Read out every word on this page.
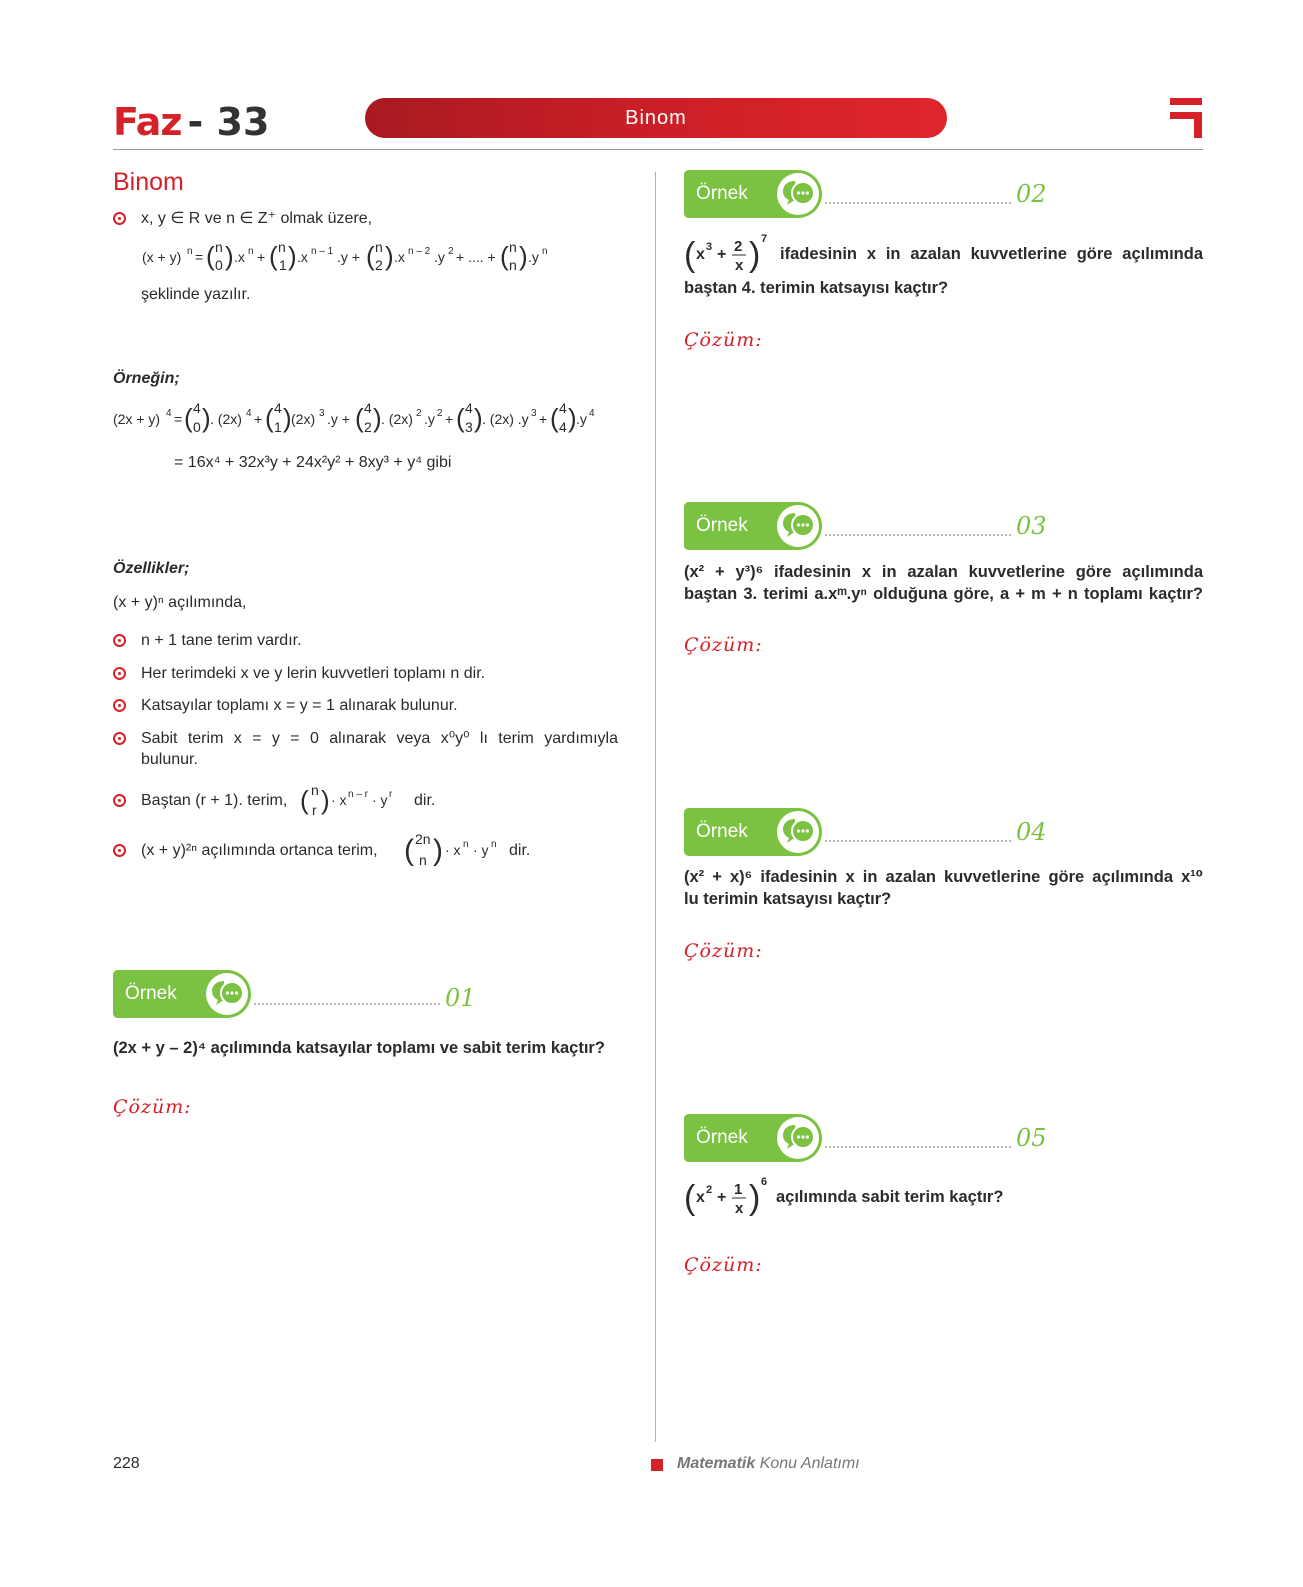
Faz - 33	Binom
Binom
x, y ∈ R ve n ∈ Z⁺ olmak üzere,
(x + y) n = ( n
0 ) .x n + ( n
1 ) .x n – 1 .y + ( n
2 ) .x n – 2 .y 2 + .... + ( n
n ) .y n
şeklinde yazılır.
Örneğin;
(2x + y) 4 = ( 4
0 ) . (2x) 4 + ( 4
1 ) (2x) 3 .y + ( 4
2 ) . (2x) 2 .y 2 + ( 4
3 ) . (2x) .y 3 + ( 4
4 ) .y 4
= 16x⁴ + 32x³y + 24x²y² + 8xy³ + y⁴ gibi
Özellikler;
(x + y)ⁿ açılımında,
n + 1 tane terim vardır.
Her terimdeki x ve y lerin kuvvetleri toplamı n dir.
Katsayılar toplamı x = y = 1 alınarak bulunur.
Sabit terim x = y = 0 alınarak veya x⁰y⁰ lı terim yardımıyla
bulunur.
Baştan (r + 1). terim, ( n
r ) · x n – r · y r dir.
(x + y)²ⁿ açılımında ortanca terim, ( 2n
n ) · x n · y n dir.
Örnek	01
(2x + y – 2)⁴ açılımında katsayılar toplamı ve sabit terim kaçtır?
Çözüm:
Örnek	02
( x 3 + 2
x ) 7
ifadesinin x in azalan kuvvetlerine göre açılımında
baştan 4. terimin katsayısı kaçtır?
Çözüm:
Örnek	03
(x² + y³)⁶ ifadesinin x in azalan kuvvetlerine göre açılımında
baştan 3. terimi a.xᵐ.yⁿ olduğuna göre, a + m + n toplamı kaçtır?
Çözüm:
Örnek	04
(x² + x)⁶ ifadesinin x in azalan kuvvetlerine göre açılımında x¹⁰
lu terimin katsayısı kaçtır?
Çözüm:
Örnek	05
( x 2 + 1
x ) 6
açılımında sabit terim kaçtır?
Çözüm:
228	Matematik Konu Anlatımı
